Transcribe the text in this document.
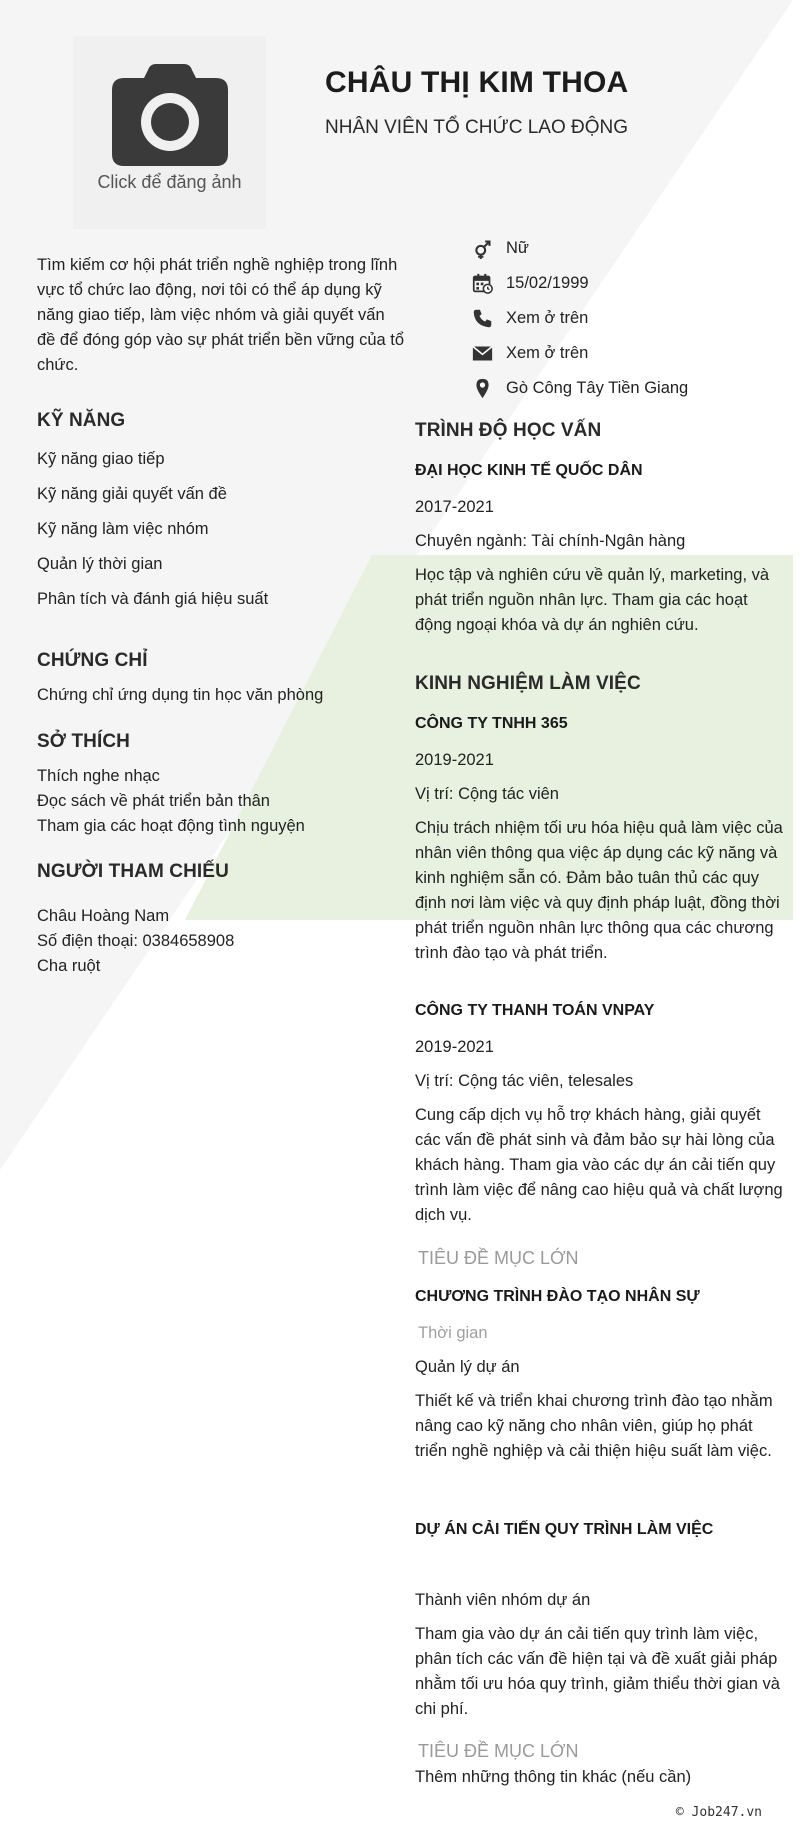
Click để đăng ảnh
CHÂU THỊ KIM THOA
NHÂN VIÊN TỔ CHỨC LAO ĐỘNG
Tìm kiếm cơ hội phát triển nghề nghiệp trong lĩnh vực tổ chức lao động, nơi tôi có thể áp dụng kỹ năng giao tiếp, làm việc nhóm và giải quyết vấn đề để đóng góp vào sự phát triển bền vững của tổ chức.
Nữ
15/02/1999
Xem ở trên
Xem ở trên
Gò Công Tây Tiền Giang
KỸ NĂNG
Kỹ năng giao tiếp
Kỹ năng giải quyết vấn đề
Kỹ năng làm việc nhóm
Quản lý thời gian
Phân tích và đánh giá hiệu suất
CHỨNG CHỈ
Chứng chỉ ứng dụng tin học văn phòng
SỞ THÍCH
Thích nghe nhạc
Đọc sách về phát triển bản thân
Tham gia các hoạt động tình nguyện
NGƯỜI THAM CHIẾU
Châu Hoàng Nam
Số điện thoại: 0384658908
Cha ruột
TRÌNH ĐỘ HỌC VẤN
ĐẠI HỌC KINH TẾ QUỐC DÂN
2017-2021
Chuyên ngành: Tài chính-Ngân hàng
Học tập và nghiên cứu về quản lý, marketing, và phát triển nguồn nhân lực. Tham gia các hoạt động ngoại khóa và dự án nghiên cứu.
KINH NGHIỆM LÀM VIỆC
CÔNG TY TNHH 365
2019-2021
Vị trí: Cộng tác viên
Chịu trách nhiệm tối ưu hóa hiệu quả làm việc của nhân viên thông qua việc áp dụng các kỹ năng và kinh nghiệm sẵn có. Đảm bảo tuân thủ các quy định nơi làm việc và quy định pháp luật, đồng thời phát triển nguồn nhân lực thông qua các chương trình đào tạo và phát triển.
CÔNG TY THANH TOÁN VNPAY
2019-2021
Vị trí: Cộng tác viên, telesales
Cung cấp dịch vụ hỗ trợ khách hàng, giải quyết các vấn đề phát sinh và đảm bảo sự hài lòng của khách hàng. Tham gia vào các dự án cải tiến quy trình làm việc để nâng cao hiệu quả và chất lượng dịch vụ.
TIÊU ĐỀ MỤC LỚN
CHƯƠNG TRÌNH ĐÀO TẠO NHÂN SỰ
Thời gian
Quản lý dự án
Thiết kế và triển khai chương trình đào tạo nhằm nâng cao kỹ năng cho nhân viên, giúp họ phát triển nghề nghiệp và cải thiện hiệu suất làm việc.
DỰ ÁN CẢI TIẾN QUY TRÌNH LÀM VIỆC
Thành viên nhóm dự án
Tham gia vào dự án cải tiến quy trình làm việc, phân tích các vấn đề hiện tại và đề xuất giải pháp nhằm tối ưu hóa quy trình, giảm thiểu thời gian và chi phí.
TIÊU ĐỀ MỤC LỚN
Thêm những thông tin khác (nếu cần)
© Job247.vn
